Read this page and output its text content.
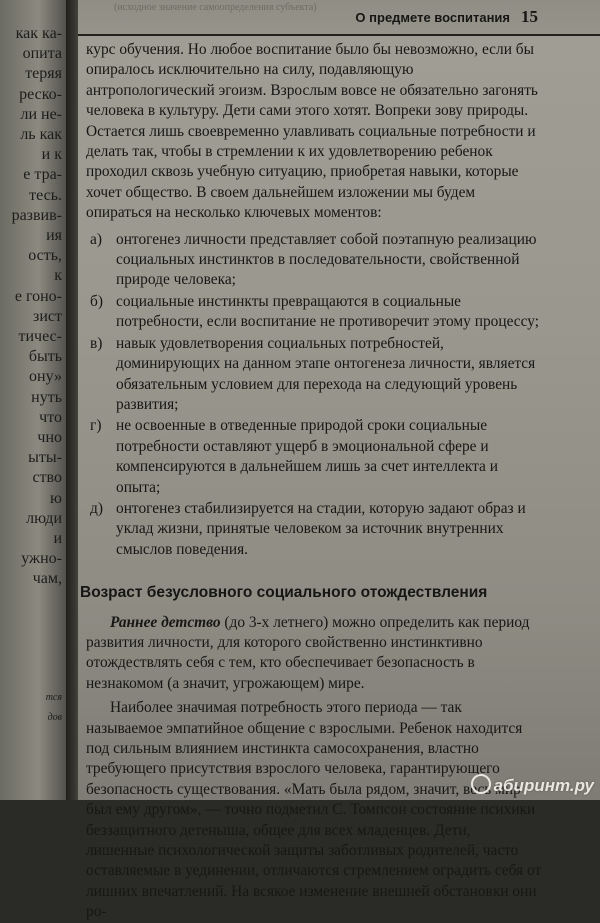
как ка-
опита
теряя
реско-
ли не-
ль как
и к
е тра-
тесь.
развив-
ия
ость,
к
е гоно-
зист
тичес-
быть
ону»
нуть
что
чно
ыты-
ство
ю
люди
и
ужно-
чам,
тся
дов
(исходное значение самоопределения субъекта)
О предмете воспитания 15

курс обучения. Но любое воспитание было бы невозможно, если бы опиралось исключительно на силу, подавляющую антропологический эгоизм. Взрослым вовсе не обязательно загонять человека в культуру. Дети сами этого хотят. Вопреки зову природы. Остается лишь своевременно улавливать социальные потребности и делать так, чтобы в стремлении к их удовлетворению ребенок проходил сквозь учебную ситуацию, приобретая навыки, которые хочет общество. В своем дальнейшем изложении мы будем опираться на несколько ключевых моментов:

а) онтогенез личности представляет собой поэтапную реализацию социальных инстинктов в последовательности, свойственной природе человека;
б) социальные инстинкты превращаются в социальные потребности, если воспитание не противоречит этому процессу;
в) навык удовлетворения социальных потребностей, доминирующих на данном этапе онтогенеза личности, является обязательным условием для перехода на следующий уровень развития;
г) не освоенные в отведенные природой сроки социальные потребности оставляют ущерб в эмоциональной сфере и компенсируются в дальнейшем лишь за счет интеллекта и опыта;
д) онтогенез стабилизируется на стадии, которую задают образ и уклад жизни, принятые человеком за источник внутренних смыслов поведения.
Возраст безусловного социального отождествления

Раннее детство (до 3-х летнего) можно определить как период развития личности, для которого свойственно инстинктивно отождествлять себя с тем, кто обеспечивает безопасность в незнакомом (а значит, угрожающем) мире.

Наиболее значимая потребность этого периода — так называемое эмпатийное общение с взрослыми. Ребенок находится под сильным влиянием инстинкта самосохранения, властно требующего присутствия взрослого человека, гарантирующего безопасность существования. «Мать была рядом, значит, весь мир был ему другом», — точно подметил С. Томпсон состояние психики беззащитного детеныша, общее для всех младенцев. Дети, лишенные психологической защиты заботливых родителей, часто оставляемые в уединении, отличаются стремлением оградить себя от лишних впечатлений. На всякое изменение внешней обстановки они ро-

абиринт.ру
